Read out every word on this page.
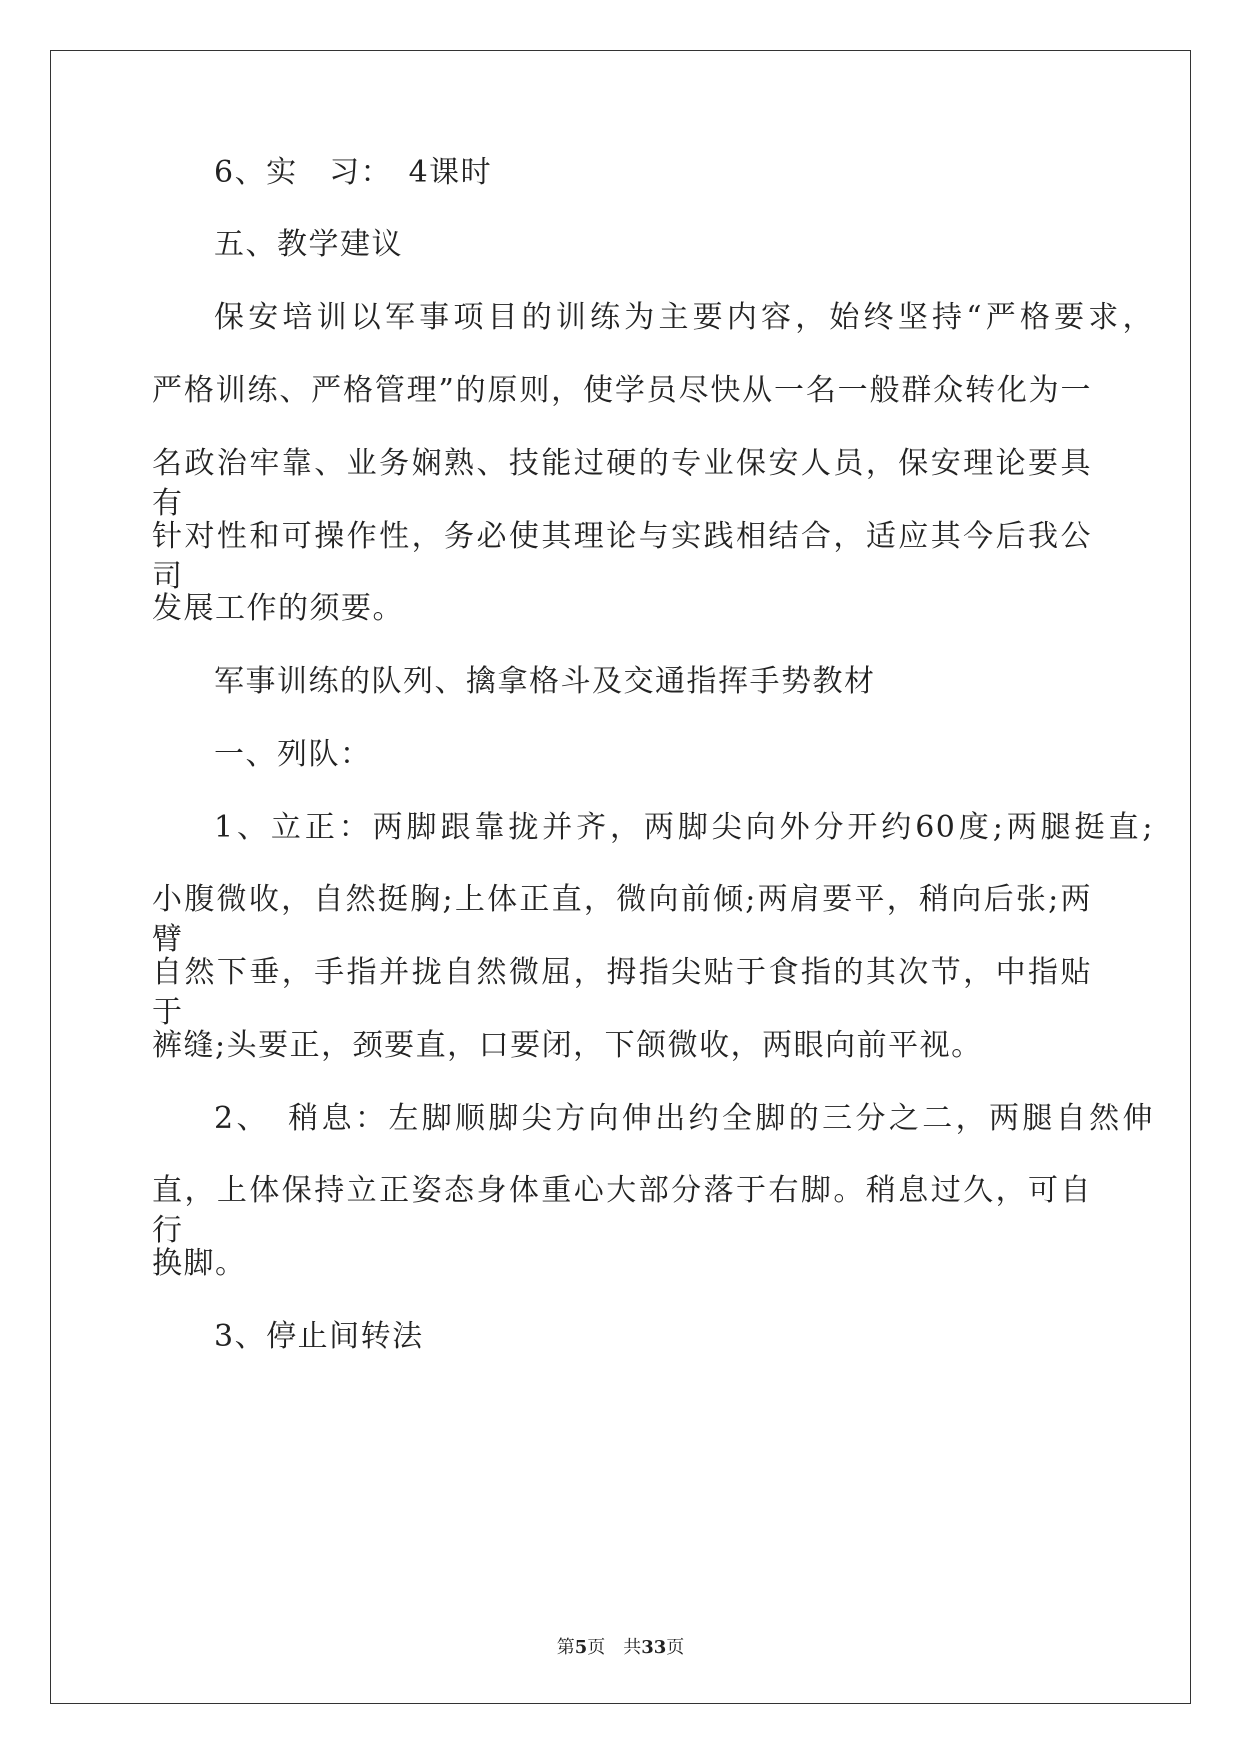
6、实　习：　4课时
五、教学建议
保安培训以军事项目的训练为主要内容，始终坚持“严格要求，
严格训练、严格管理”的原则，使学员尽快从一名一般群众转化为一
名政治牢靠、业务娴熟、技能过硬的专业保安人员，保安理论要具有
针对性和可操作性，务必使其理论与实践相结合，适应其今后我公司
发展工作的须要。
军事训练的队列、擒拿格斗及交通指挥手势教材
一、列队：
1、立正：两脚跟靠拢并齐，两脚尖向外分开约60度;两腿挺直;
小腹微收，自然挺胸;上体正直，微向前倾;两肩要平，稍向后张;两臂
自然下垂，手指并拢自然微屈，拇指尖贴于食指的其次节，中指贴于
裤缝;头要正，颈要直，口要闭，下颌微收，两眼向前平视。
2、　稍息：左脚顺脚尖方向伸出约全脚的三分之二，两腿自然伸
直，上体保持立正姿态身体重心大部分落于右脚。稍息过久，可自行
换脚。
3、停止间转法
第5页　共33页
